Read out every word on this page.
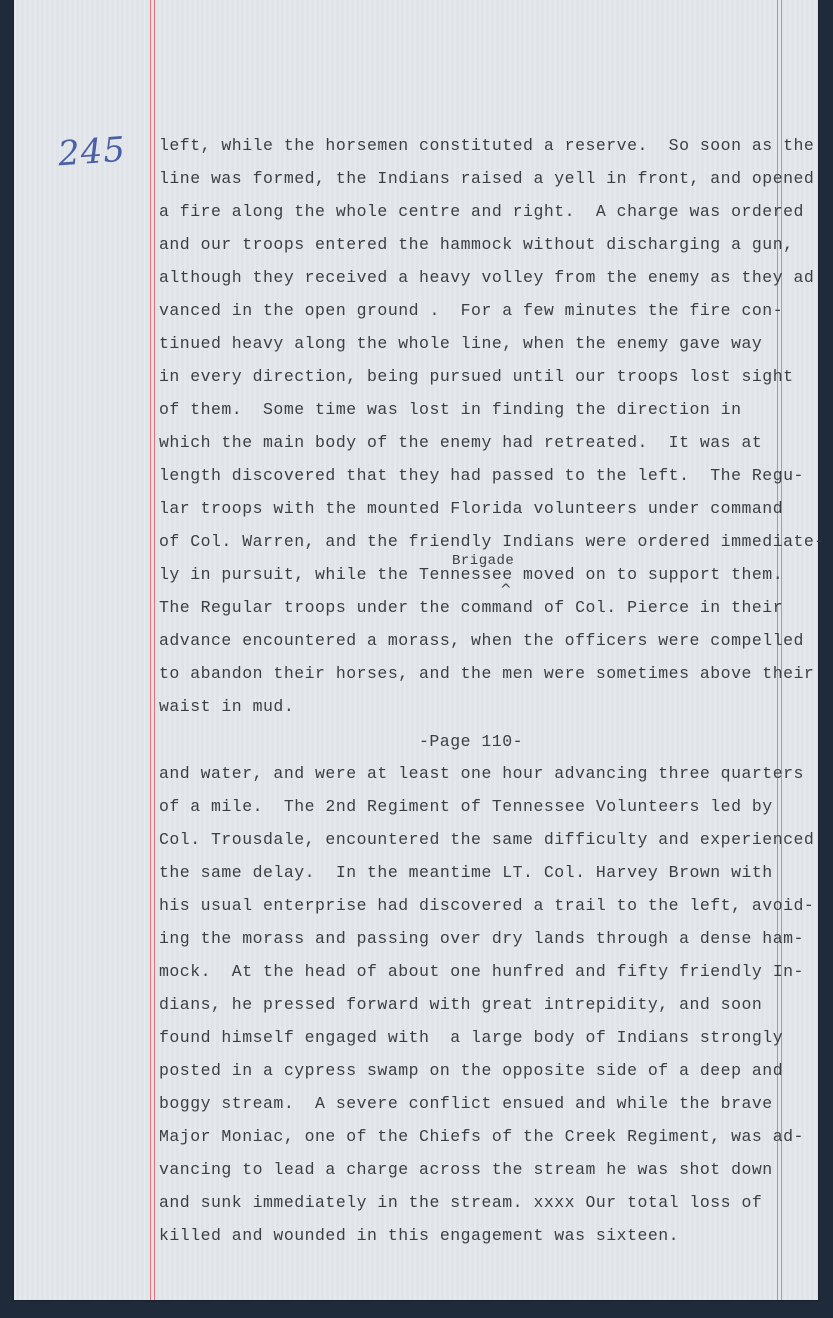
245 left, while the horsemen constituted a reserve.  So soon as the
line was formed, the Indians raised a yell in front, and opened
a fire along the whole centre and right.  A charge was ordered
and our troops entered the hammock without discharging a gun,
although they received a heavy volley from the enemy as they ad
vanced in the open ground .  For a few minutes the fire con-
tinued heavy along the whole line, when the enemy gave way
in every direction, being pursued until our troops lost sight
of them.  Some time was lost in finding the direction in
which the main body of the enemy had retreated.  It was at
length discovered that they had passed to the left.  The Regu-
lar troops with the mounted Florida volunteers under command
of Col. Warren, and the friendly Indians were ordered immediate-
ly in pursuit, while the Tennessee moved on to support them.
The Regular troops under the command of Col. Pierce in their
advance encountered a morass, when the officers were compelled
to abandon their horses, and the men were sometimes above their
waist in mud.
Brigade
^
-Page 110-
and water, and were at least one hour advancing three quarters
of a mile.  The 2nd Regiment of Tennessee Volunteers led by
Col. Trousdale, encountered the same difficulty and experienced
the same delay.  In the meantime LT. Col. Harvey Brown with
his usual enterprise had discovered a trail to the left, avoid-
ing the morass and passing over dry lands through a dense ham-
mock.  At the head of about one hunfred and fifty friendly In-
dians, he pressed forward with great intrepidity, and soon
found himself engaged with  a large body of Indians strongly
posted in a cypress swamp on the opposite side of a deep and
boggy stream.  A severe conflict ensued and while the brave
Major Moniac, one of the Chiefs of the Creek Regiment, was ad-
vancing to lead a charge across the stream he was shot down
and sunk immediately in the stream. xxxx Our total loss of
killed and wounded in this engagement was sixteen.
